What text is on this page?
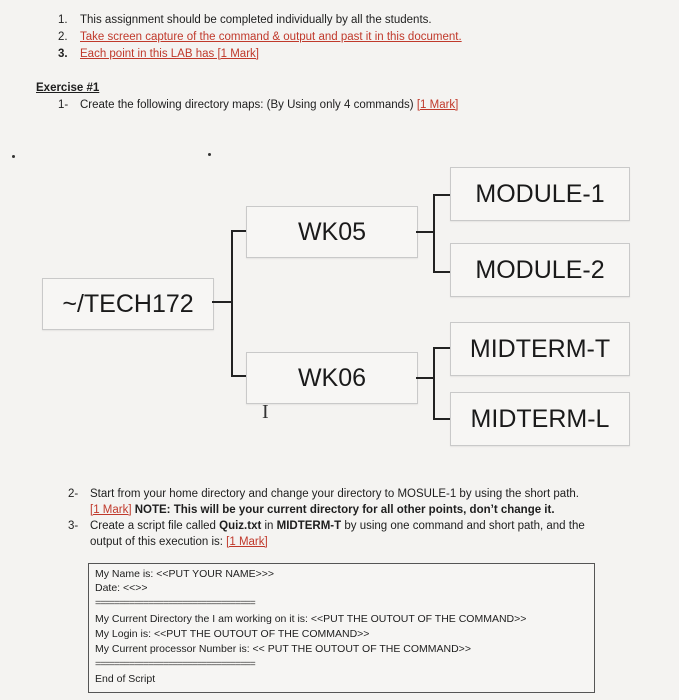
1. This assignment should be completed individually by all the students.
2. Take screen capture of the command & output and past it in this document.
3. Each point in this LAB has [1 Mark]
Exercise #1
1- Create the following directory maps: (By Using only 4 commands) [1 Mark]
~/TECH172
WK05
WK06
MODULE-1
MODULE-2
MIDTERM-T
MIDTERM-L
I
2- Start from your home directory and change your directory to MOSULE-1 by using the short path.
[1 Mark] NOTE: This will be your current directory for all other points, don’t change it.
3- Create a script file called Quiz.txt in MIDTERM-T by using one command and short path, and the
output of this execution is: [1 Mark]
My Name is: <<PUT YOUR NAME>>>
Date: <<>>
=================================
My Current Directory the I am working on it is: <<PUT THE OUTOUT OF THE COMMAND>>
My Login is: <<PUT THE OUTOUT OF THE COMMAND>>
My Current processor Number is: << PUT THE OUTOUT OF THE COMMAND>>
=================================
End of Script
